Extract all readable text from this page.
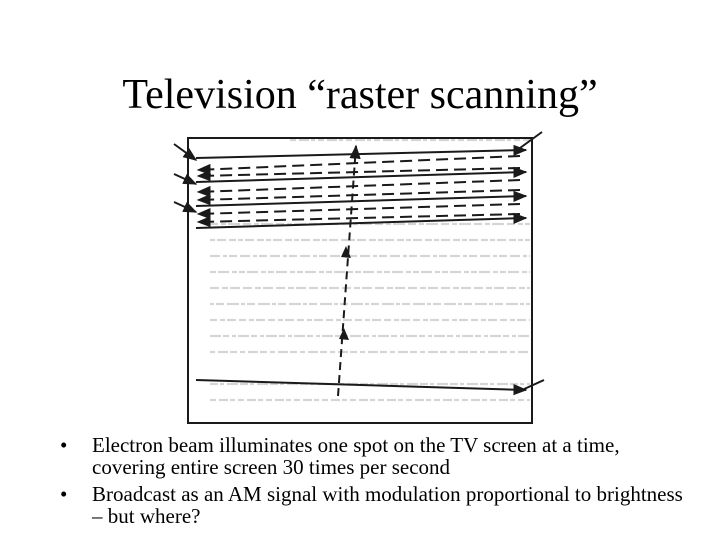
Television “raster scanning”
• Electron beam illuminates one spot on the TV screen at a time, covering entire screen 30 times per second
• Broadcast as an AM signal with modulation proportional to brightness – but where?
